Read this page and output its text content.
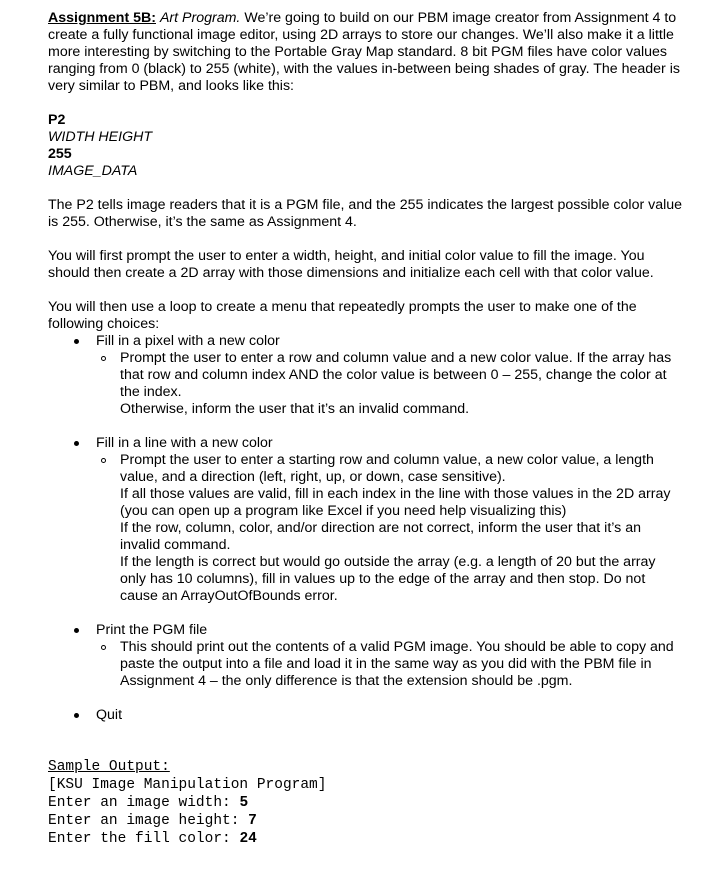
Assignment 5B: Art Program. We’re going to build on our PBM image creator from Assignment 4 to create a fully functional image editor, using 2D arrays to store our changes. We’ll also make it a little more interesting by switching to the Portable Gray Map standard. 8 bit PGM files have color values ranging from 0 (black) to 255 (white), with the values in-between being shades of gray. The header is very similar to PBM, and looks like this:

P2

WIDTH HEIGHT

255

IMAGE_DATA

The P2 tells image readers that it is a PGM file, and the 255 indicates the largest possible color value is 255. Otherwise, it’s the same as Assignment 4.

You will first prompt the user to enter a width, height, and initial color value to fill the image. You should then create a 2D array with those dimensions and initialize each cell with that color value.

You will then use a loop to create a menu that repeatedly prompts the user to make one of the following choices:

Fill in a pixel with a new color

Prompt the user to enter a row and column value and a new color value. If the array has that row and column index AND the color value is between 0 – 255, change the color at the index.

Otherwise, inform the user that it’s an invalid command.

Fill in a line with a new color

Prompt the user to enter a starting row and column value, a new color value, a length value, and a direction (left, right, up, or down, case sensitive).

If all those values are valid, fill in each index in the line with those values in the 2D array (you can open up a program like Excel if you need help visualizing this)

If the row, column, color, and/or direction are not correct, inform the user that it’s an invalid command.

If the length is correct but would go outside the array (e.g. a length of 20 but the array only has 10 columns), fill in values up to the edge of the array and then stop. Do not cause an ArrayOutOfBounds error.

Print the PGM file

This should print out the contents of a valid PGM image. You should be able to copy and paste the output into a file and load it in the same way as you did with the PBM file in Assignment 4 – the only difference is that the extension should be .pgm.

Quit

Sample Output:

[KSU Image Manipulation Program]

Enter an image width: 5

Enter an image height: 7

Enter the fill color: 24
